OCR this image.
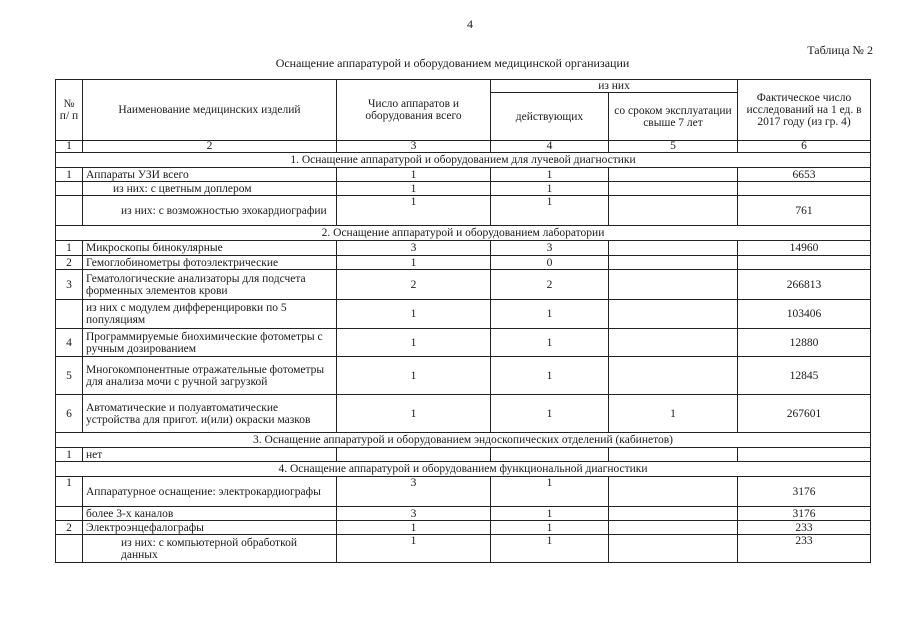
4
Таблица № 2
Оснащение аппаратурой и оборудованием медицинской организации
№ п/ п	Наименование медицинских изделий	Число аппаратов и оборудования всего	из них		Фактическое число исследований на 1 ед. в 2017 году (из гр. 4)
			действующих	со сроком эксплуатации свыше 7 лет	
1	2	3	4	5	6
1. Оснащение аппаратурой и оборудованием для лучевой диагностики					
1	Аппараты УЗИ всего	1	1		6653
	из них: с цветным доплером	1	1		
	из них: с возможностью эхокардиографии	1	1		761
2. Оснащение аппаратурой и оборудованием лаборатории					
1	Микроскопы бинокулярные	3	3		14960
2	Гемоглобинометры фотоэлектрические	1	0		
3	Гематологические анализаторы для подсчета форменных элементов крови	2	2		266813
	из них с модулем дифференцировки по 5 популяциям	1	1		103406
4	Программируемые биохимические фотометры с ручным дозированием	1	1		12880
5	Многокомпонентные отражательные фотометры для анализа мочи с ручной загрузкой	1	1		12845
6	Автоматические и полуавтоматические устройства для пригот. и(или) окраски мазков	1	1	1	267601
3. Оснащение аппаратурой и оборудованием эндоскопических отделений (кабинетов)					
1	нет				
4. Оснащение аппаратурой и оборудованием функциональной диагностики					
1	Аппаратурное оснащение: электрокардиографы	3	1		3176
	более 3-х каналов	3	1		3176
2	Электроэнцефалографы	1	1		233
	из них: с компьютерной обработкой данных	1	1		233
